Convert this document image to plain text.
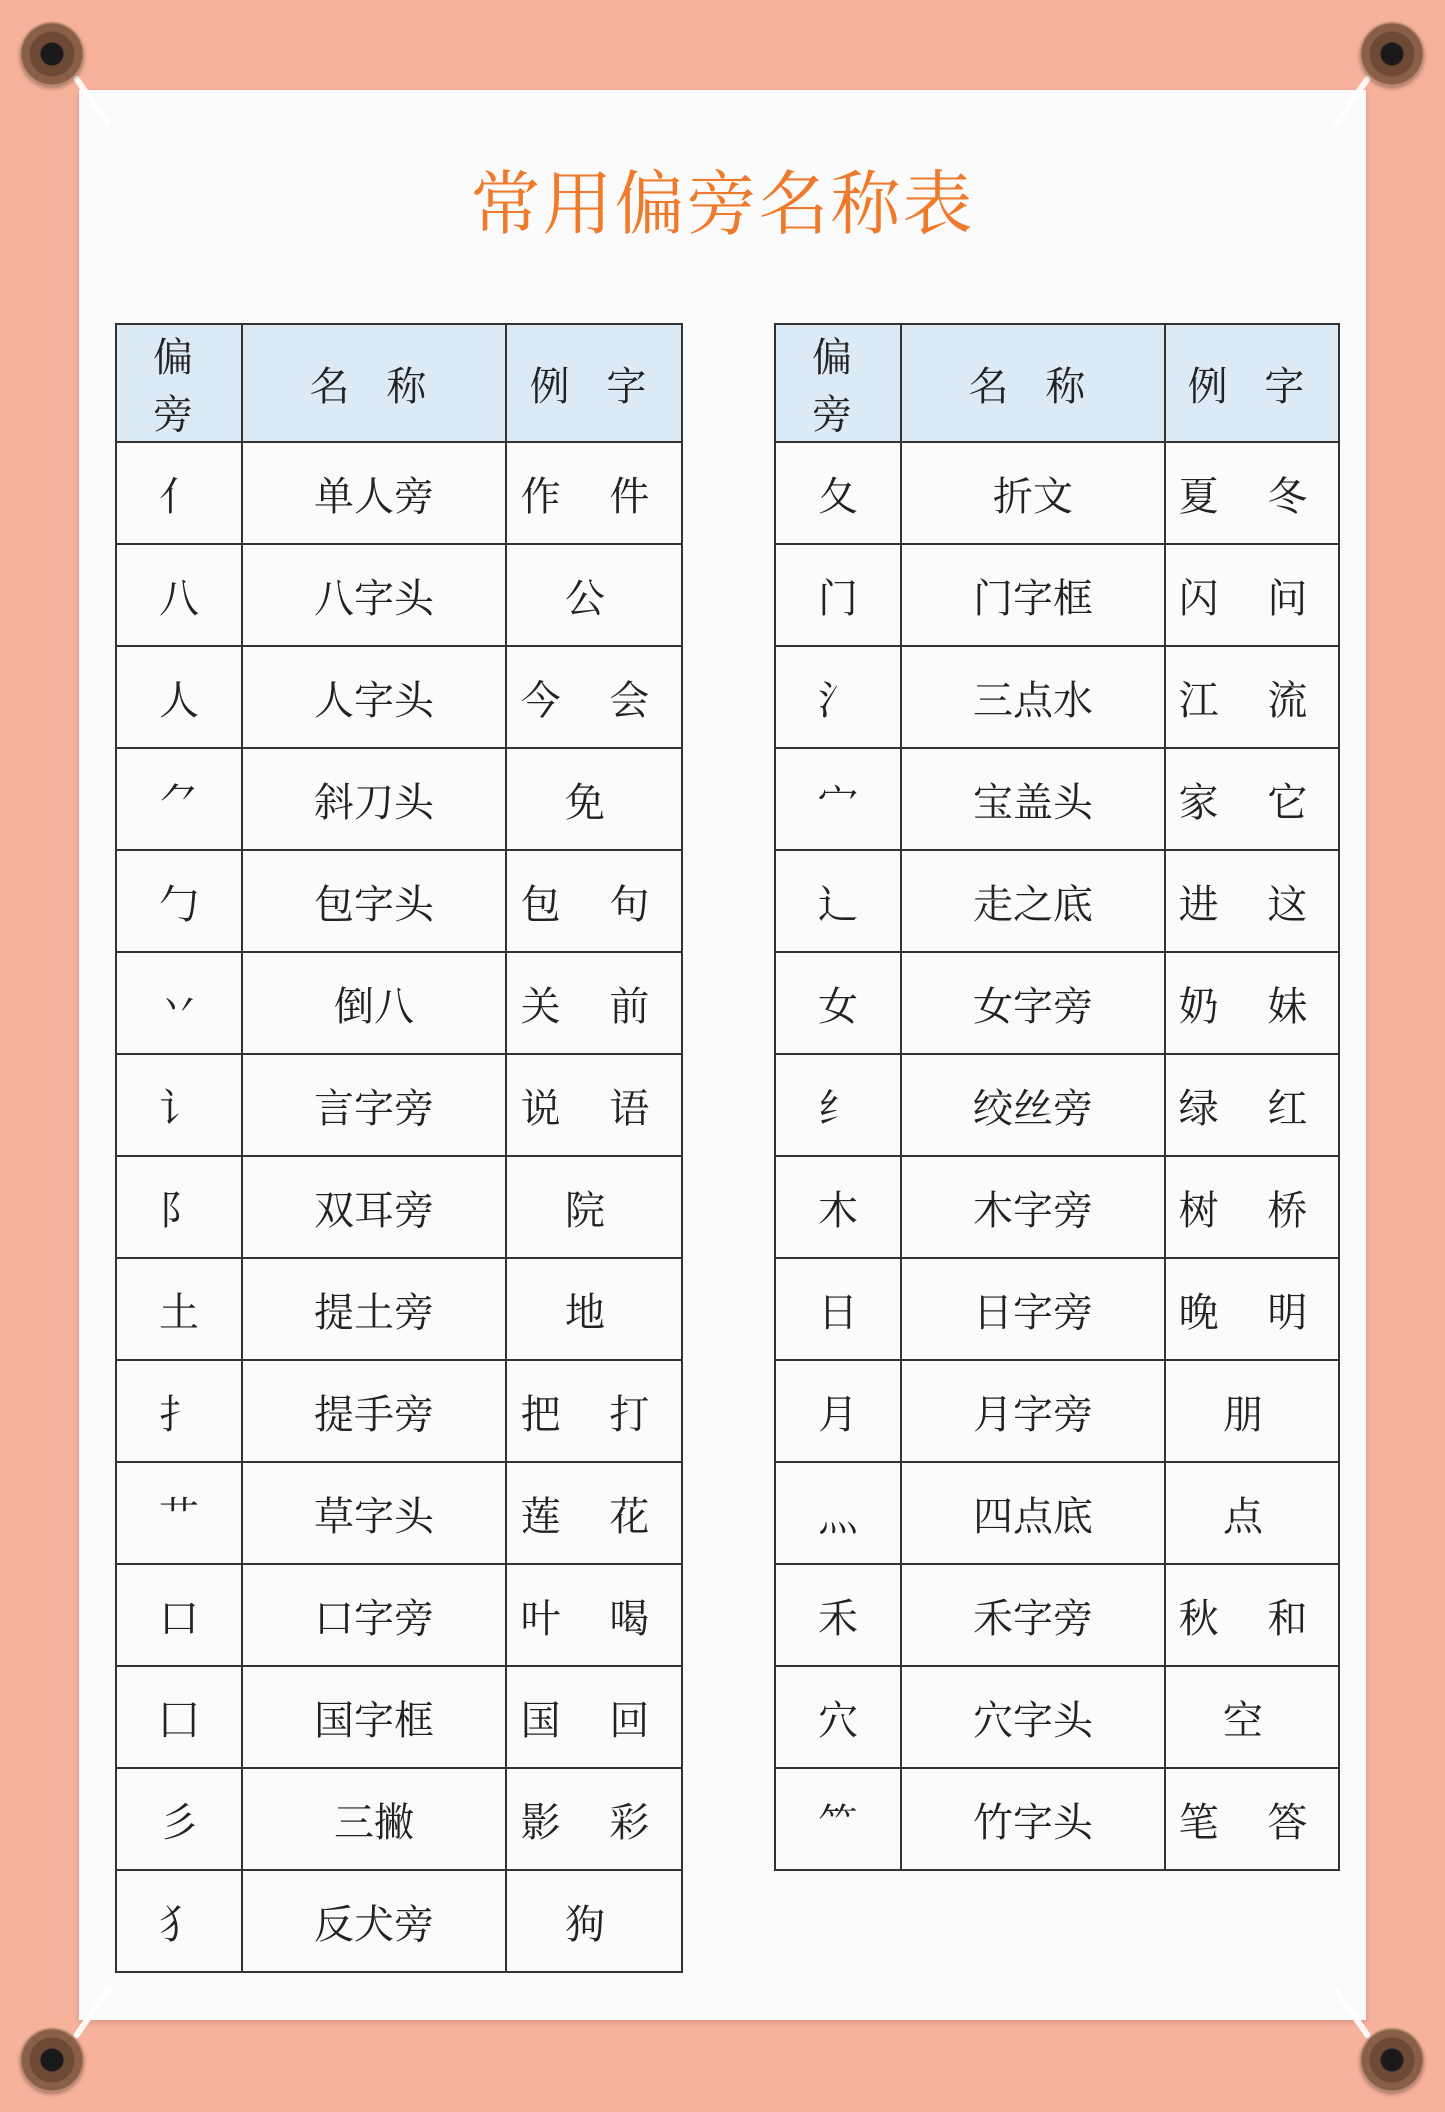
常用偏旁名称表
偏 旁	名 称	例 字
亻	单人旁	作 件
八	八字头	公
人	人字头	今 会
⺈	斜刀头	免
勹	包字头	包 句
丷	倒八	关 前
讠	言字旁	说 语
阝	双耳旁	院
土	提土旁	地
扌	提手旁	把 打
艹	草字头	莲 花
口	口字旁	叶 喝
囗	国字框	国 回
彡	三撇	影 彩
犭	反犬旁	狗
偏 旁	名 称	例 字
夂	折文	夏 冬
门	门字框	闪 问
氵	三点水	江 流
宀	宝盖头	家 它
辶	走之底	进 这
女	女字旁	奶 妹
纟	绞丝旁	绿 红
木	木字旁	树 桥
日	日字旁	晚 明
月	月字旁	朋
灬	四点底	点
禾	禾字旁	秋 和
穴	穴字头	空
⺮	竹字头	笔 答
